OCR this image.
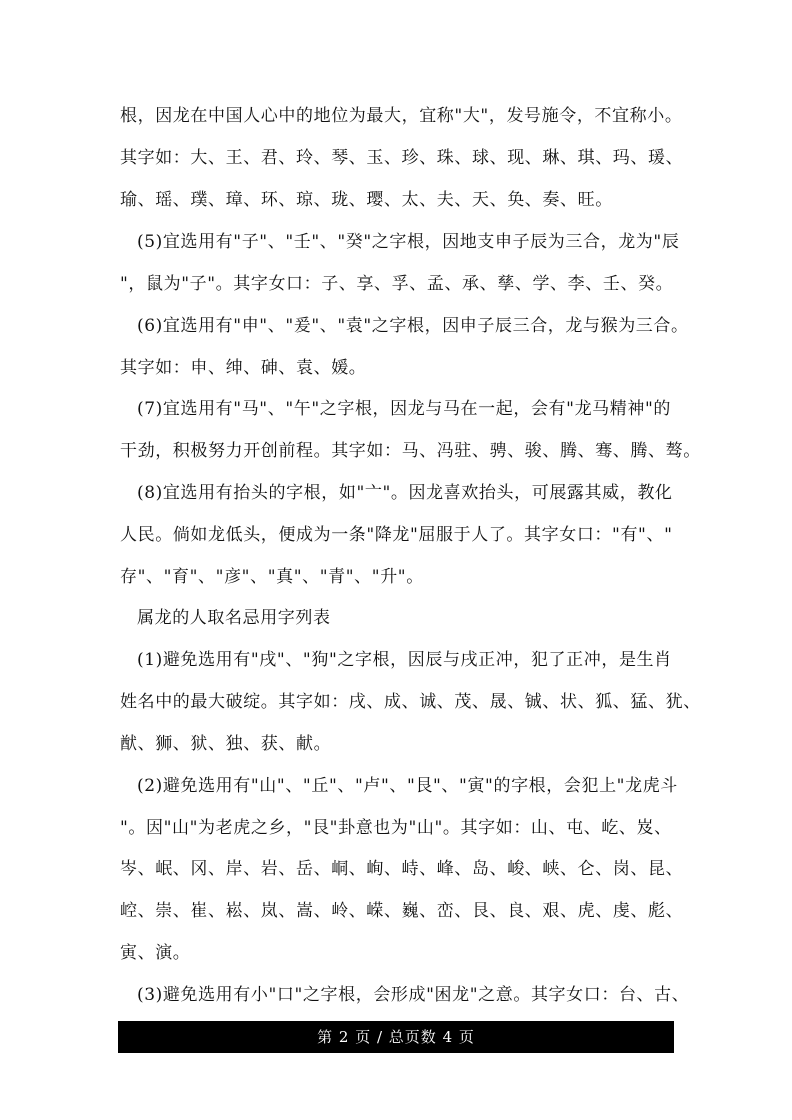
根，因龙在中国人心中的地位为最大，宜称"大"，发号施令，不宜称小。
其字如：大、王、君、玲、琴、玉、珍、珠、球、现、琳、琪、玛、瑗、
瑜、瑶、璞、璋、环、琼、珑、璎、太、夫、天、奂、奏、旺。
(5)宜选用有"子"、"壬"、"癸"之字根，因地支申子辰为三合，龙为"辰
"，鼠为"子"。其字女口：子、享、孚、孟、承、孳、学、李、壬、癸。
(6)宜选用有"申"、"爰"、"袁"之字根，因申子辰三合，龙与猴为三合。
其字如：申、绅、砷、袁、媛。
(7)宜选用有"马"、"午"之字根，因龙与马在一起，会有"龙马精神"的
干劲，积极努力开创前程。其字如：马、冯驻、骋、骏、腾、骞、腾、骜。
(8)宜选用有抬头的字根，如"亠"。因龙喜欢抬头，可展露其威，教化
人民。倘如龙低头，便成为一条"降龙"屈服于人了。其字女口："有"、"
存"、"育"、"彦"、"真"、"青"、"升"。
属龙的人取名忌用字列表
(1)避免选用有"戌"、"狗"之字根，因辰与戌正冲，犯了正冲，是生肖
姓名中的最大破绽。其字如：戌、成、诚、茂、晟、铖、状、狐、猛、犹、
猷、狮、狱、独、获、献。
(2)避免选用有"山"、"丘"、"卢"、"艮"、"寅"的字根，会犯上"龙虎斗
"。因"山"为老虎之乡，"艮"卦意也为"山"。其字如：山、屯、屹、岌、
岑、岷、冈、岸、岩、岳、峒、峋、峙、峰、岛、峻、峡、仑、岗、昆、
崆、崇、崔、崧、岚、嵩、岭、嵘、巍、峦、艮、良、艰、虎、虔、彪、
寅、演。
(3)避免选用有小"口"之字根，会形成"困龙"之意。其字女口：台、古、
第 2 页 / 总页数 4 页
